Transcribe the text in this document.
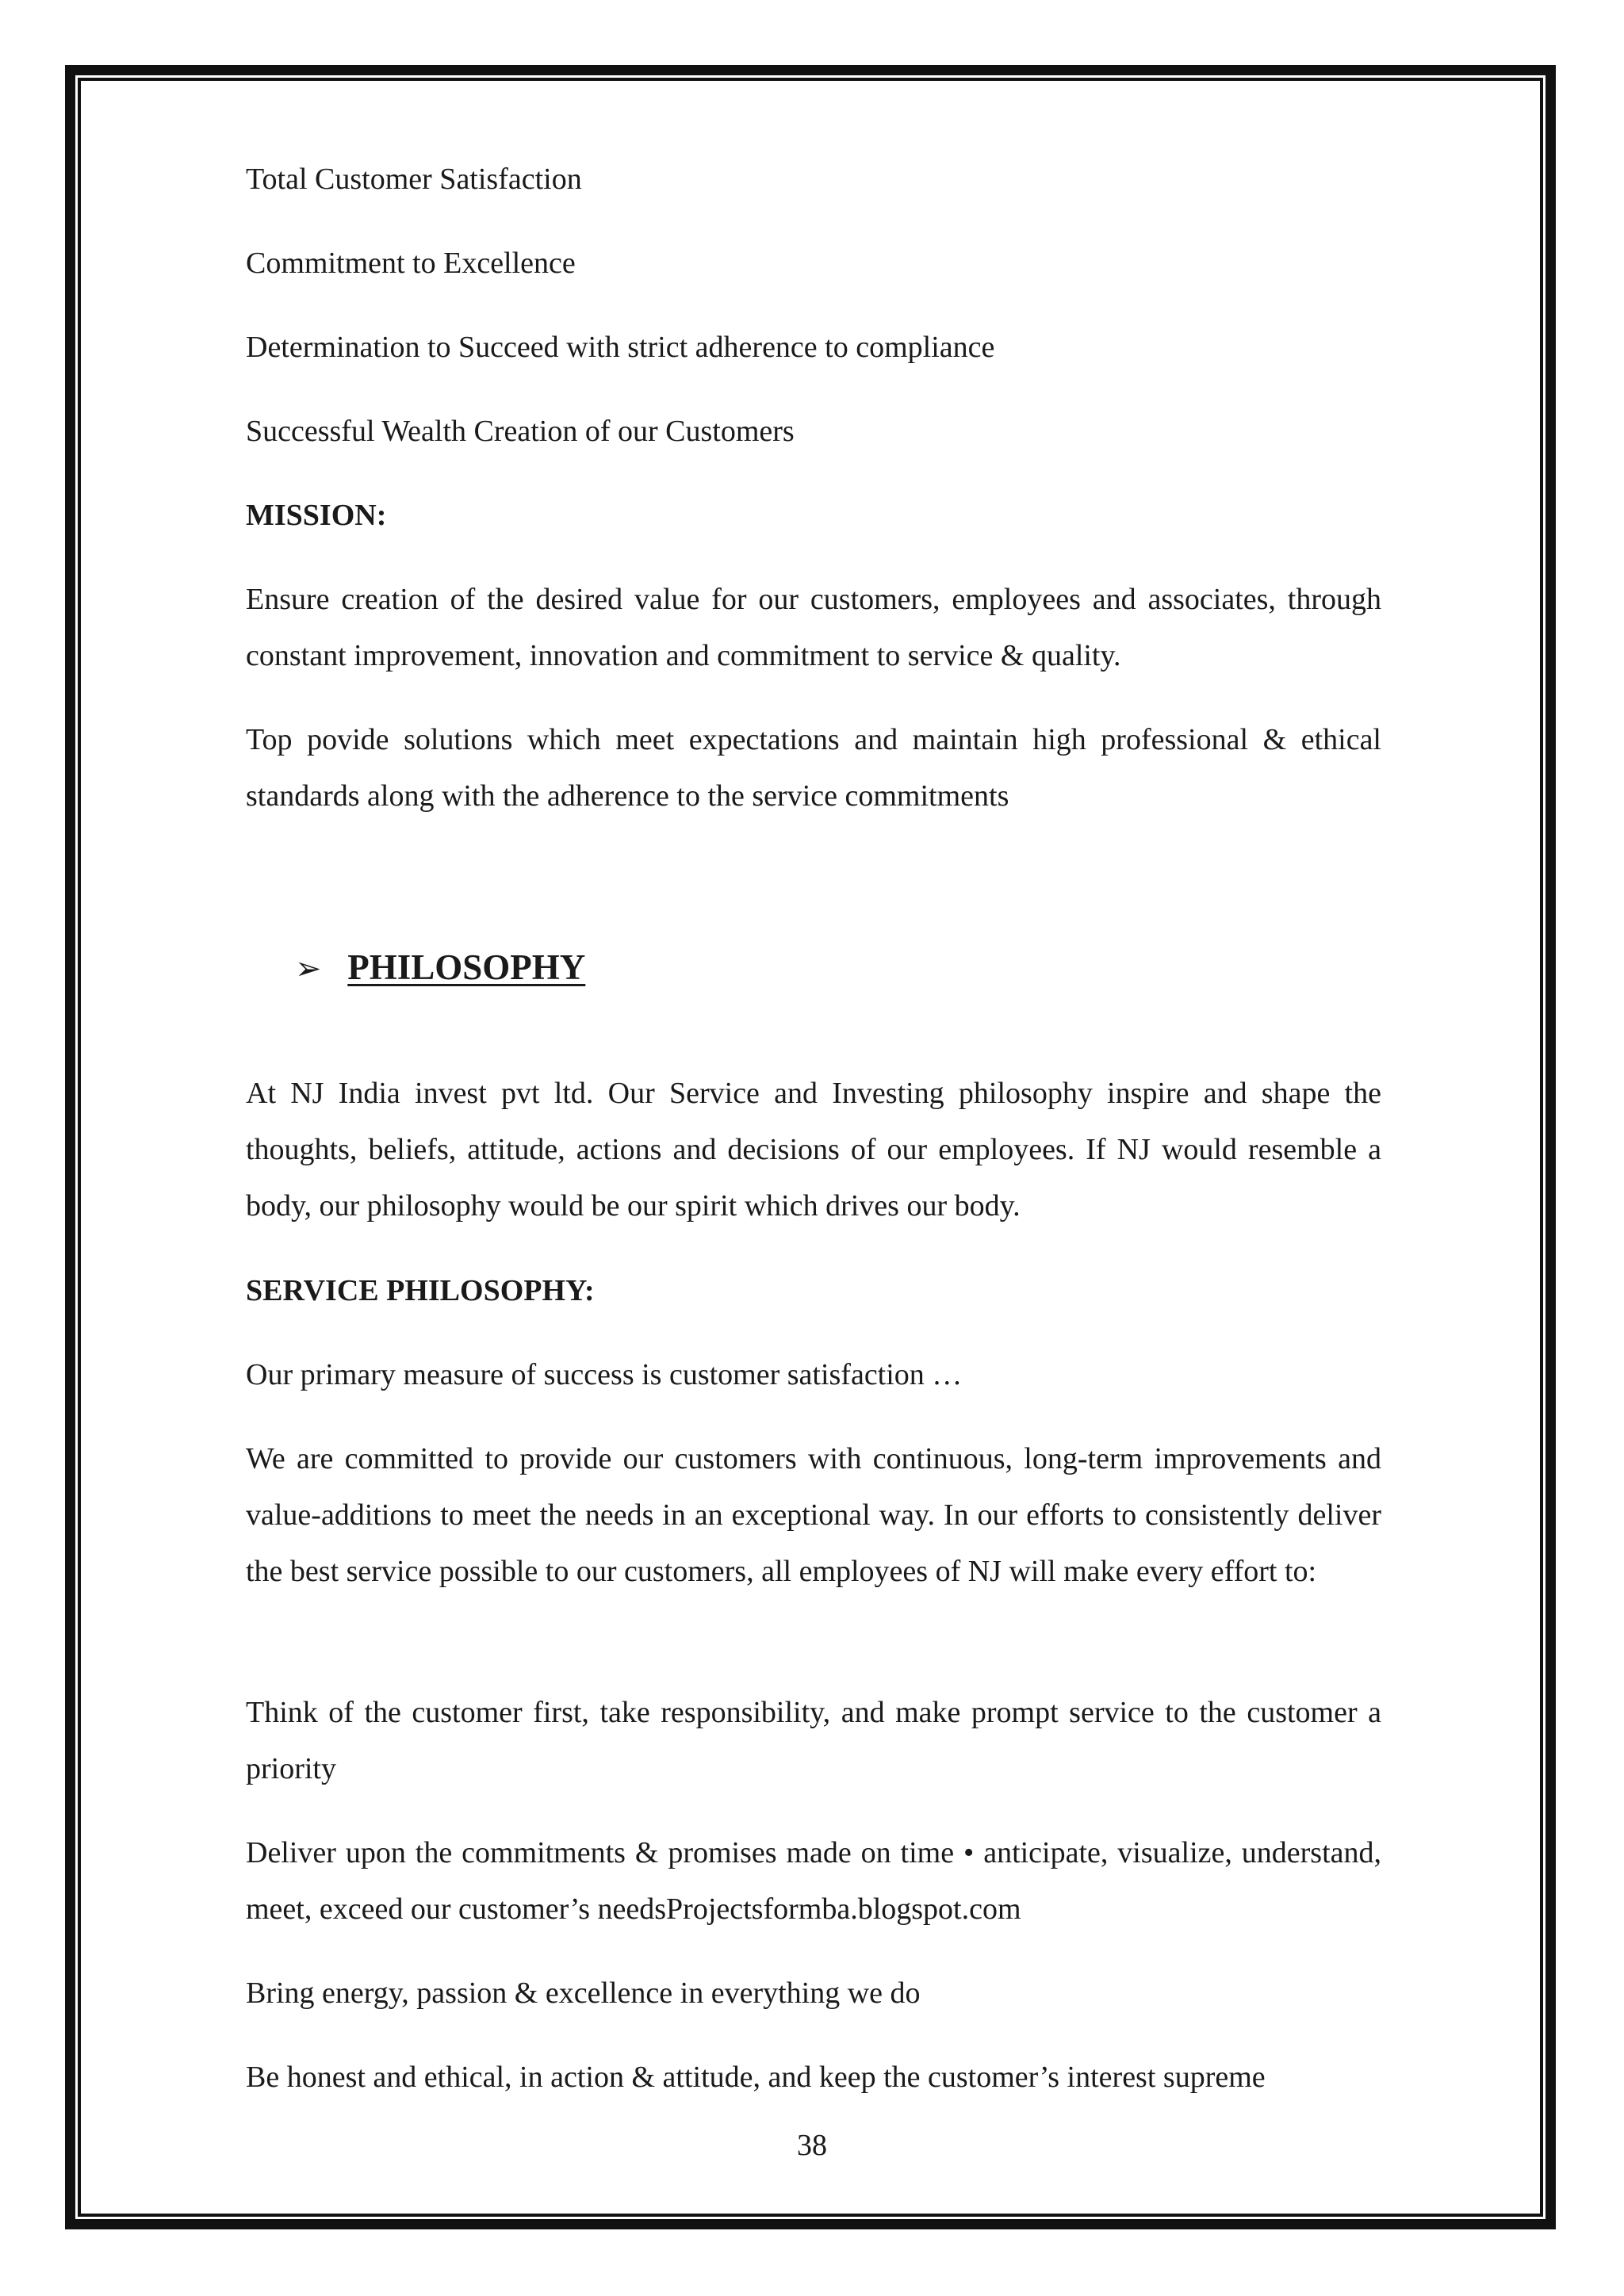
Total Customer Satisfaction
Commitment to Excellence
Determination to Succeed with strict adherence to compliance
Successful Wealth Creation of our Customers
MISSION:
Ensure creation of the desired value for our customers, employees and associates, through constant improvement, innovation and commitment to service & quality.
Top povide solutions which meet expectations and maintain high professional & ethical standards along with the adherence to the service commitments
➢ PHILOSOPHY
At NJ India invest pvt ltd. Our Service and Investing philosophy inspire and shape the thoughts, beliefs, attitude, actions and decisions of our employees. If NJ would resemble a body, our philosophy would be our spirit which drives our body.
SERVICE PHILOSOPHY:
Our primary measure of success is customer satisfaction …
We are committed to provide our customers with continuous, long-term improvements and value-additions to meet the needs in an exceptional way. In our efforts to consistently deliver the best service possible to our customers, all employees of NJ will make every effort to:
Think of the customer first, take responsibility, and make prompt service to the customer a priority
Deliver upon the commitments & promises made on time • anticipate, visualize, understand, meet, exceed our customer’s needsProjectsformba.blogspot.com
Bring energy, passion & excellence in everything we do
Be honest and ethical, in action & attitude, and keep the customer’s interest supreme
38
